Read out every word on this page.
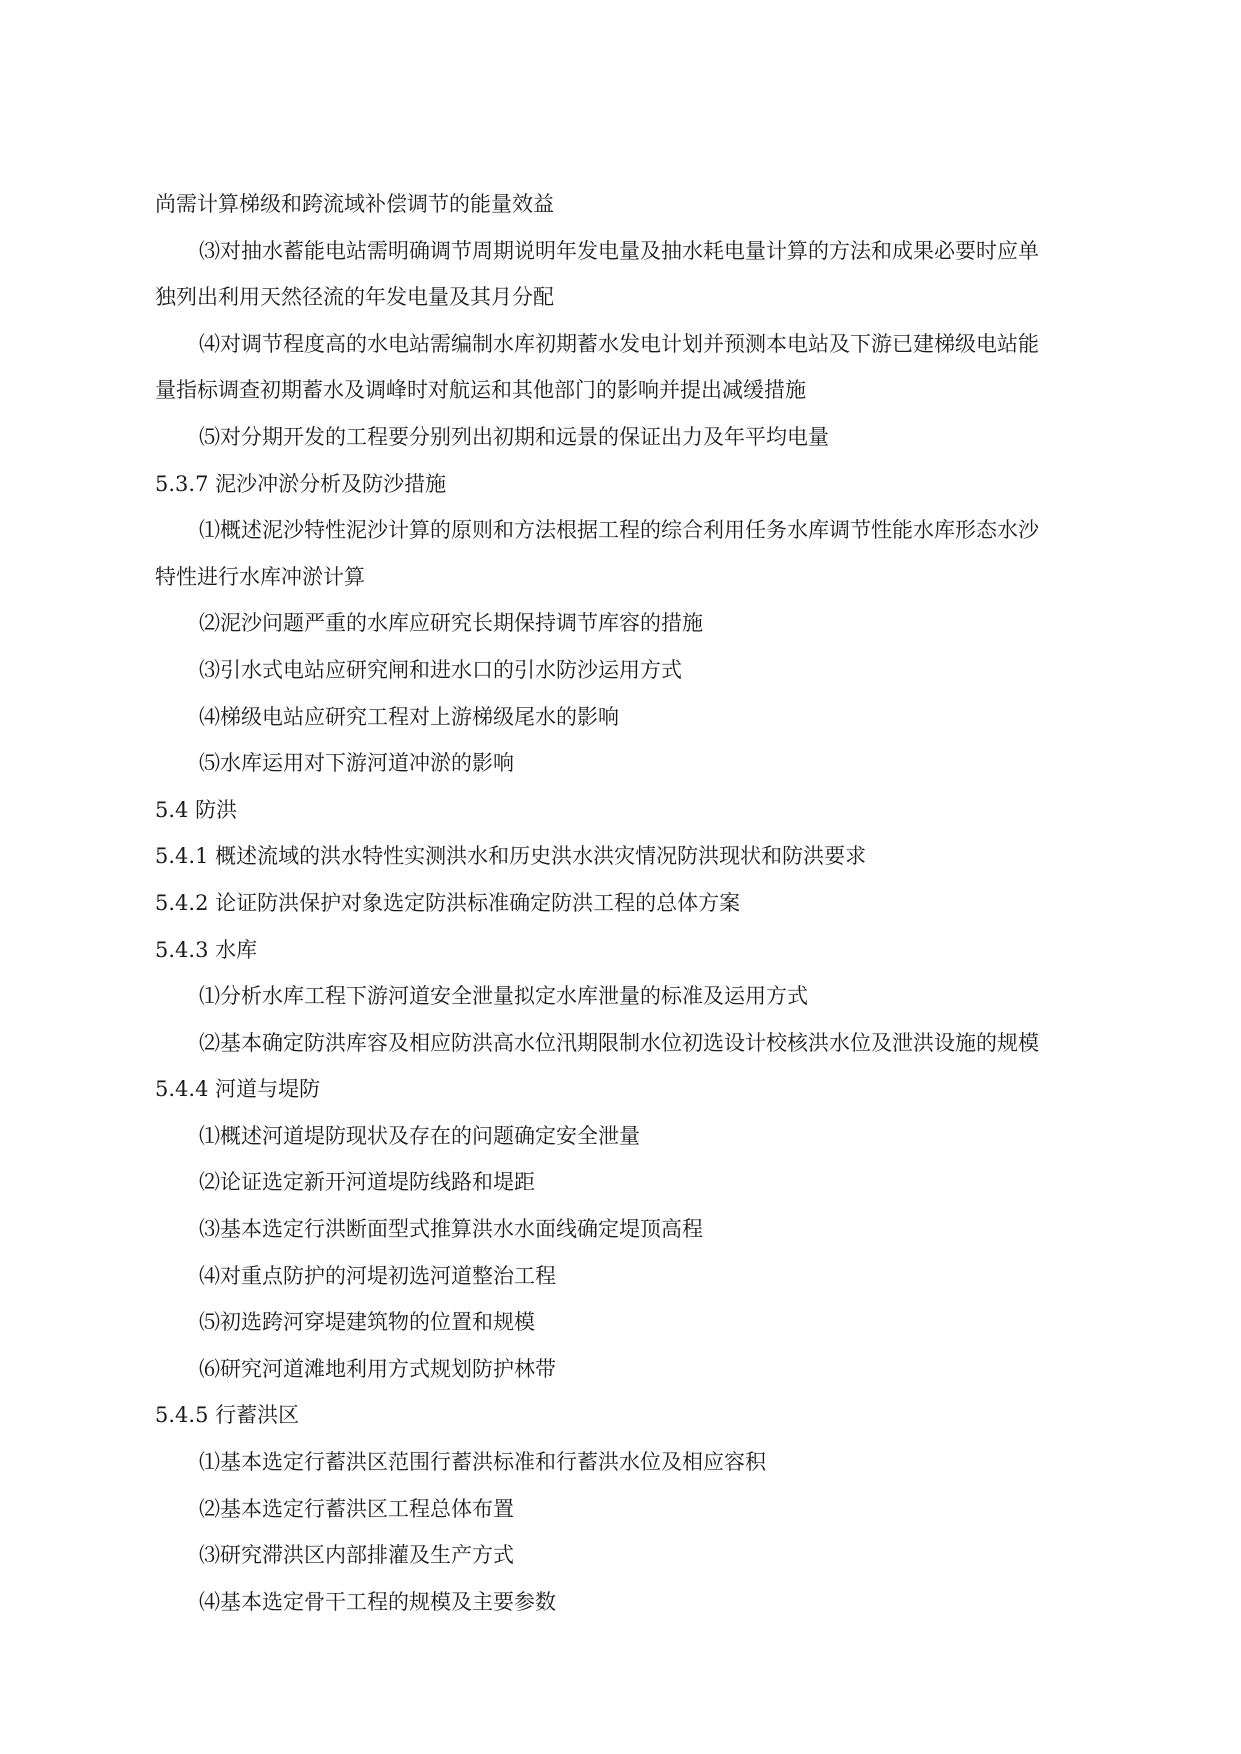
尚需计算梯级和跨流域补偿调节的能量效益
⑶对抽水蓄能电站需明确调节周期说明年发电量及抽水耗电量计算的方法和成果必要时应单
独列出利用天然径流的年发电量及其月分配
⑷对调节程度高的水电站需编制水库初期蓄水发电计划并预测本电站及下游已建梯级电站能
量指标调查初期蓄水及调峰时对航运和其他部门的影响并提出减缓措施
⑸对分期开发的工程要分别列出初期和远景的保证出力及年平均电量
5.3.7 泥沙冲淤分析及防沙措施
⑴概述泥沙特性泥沙计算的原则和方法根据工程的综合利用任务水库调节性能水库形态水沙
特性进行水库冲淤计算
⑵泥沙问题严重的水库应研究长期保持调节库容的措施
⑶引水式电站应研究闸和进水口的引水防沙运用方式
⑷梯级电站应研究工程对上游梯级尾水的影响
⑸水库运用对下游河道冲淤的影响
5.4 防洪
5.4.1 概述流域的洪水特性实测洪水和历史洪水洪灾情况防洪现状和防洪要求
5.4.2 论证防洪保护对象选定防洪标准确定防洪工程的总体方案
5.4.3 水库
⑴分析水库工程下游河道安全泄量拟定水库泄量的标准及运用方式
⑵基本确定防洪库容及相应防洪高水位汛期限制水位初选设计校核洪水位及泄洪设施的规模
5.4.4 河道与堤防
⑴概述河道堤防现状及存在的问题确定安全泄量
⑵论证选定新开河道堤防线路和堤距
⑶基本选定行洪断面型式推算洪水水面线确定堤顶高程
⑷对重点防护的河堤初选河道整治工程
⑸初选跨河穿堤建筑物的位置和规模
⑹研究河道滩地利用方式规划防护林带
5.4.5 行蓄洪区
⑴基本选定行蓄洪区范围行蓄洪标准和行蓄洪水位及相应容积
⑵基本选定行蓄洪区工程总体布置
⑶研究滞洪区内部排灌及生产方式
⑷基本选定骨干工程的规模及主要参数
